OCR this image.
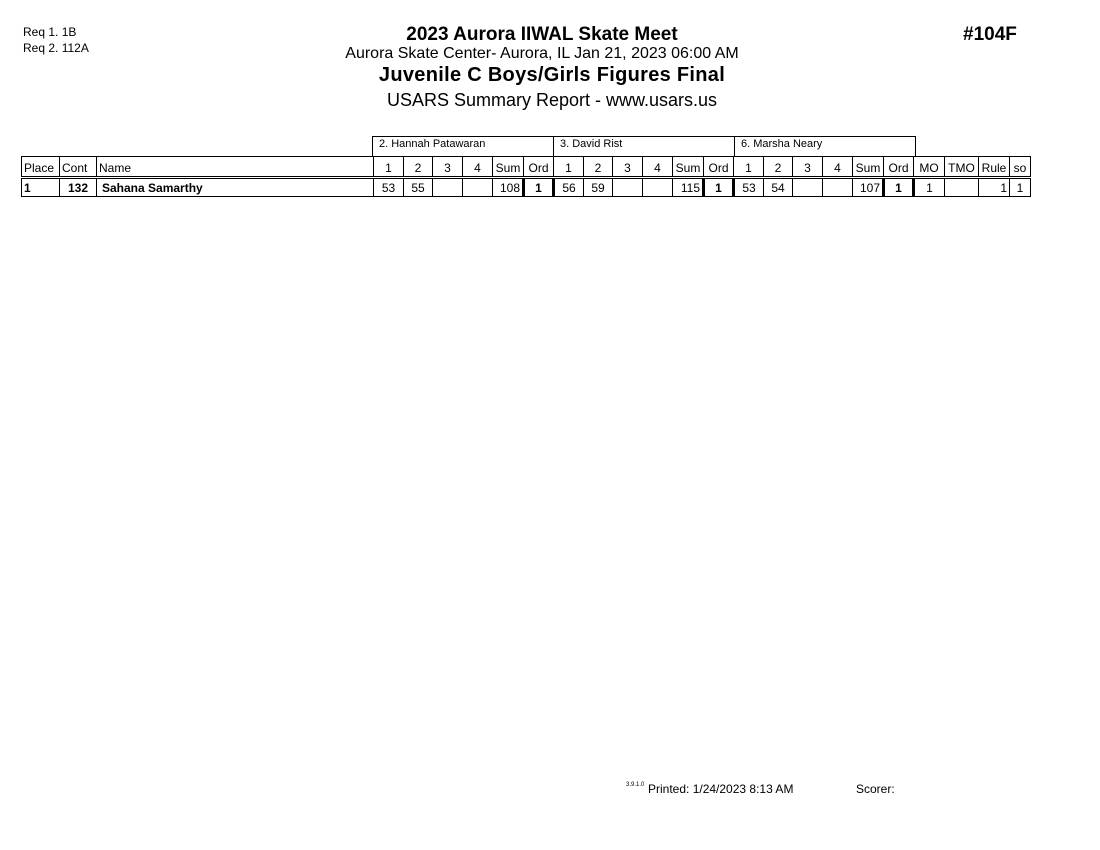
Req 1. 1B
Req 2. 112A
2023 Aurora IIWAL Skate Meet
Aurora Skate Center- Aurora, IL Jan 21, 2023 06:00 AM
Juvenile C Boys/Girls Figures Final
USARS Summary Report - www.usars.us
#104F
2. Hannah Patawaran	3. David Rist	6. Marsha Neary
Place	Cont	Name	1	2	3	4	Sum	Ord	1	2	3	4	Sum	Ord	1	2	3	4	Sum	Ord	MO	TMO	Rule	so
1	132	Sahana Samarthy	53	55			108	1	56	59			115	1	53	54			107	1	1		1	1
3.9.1.0 Printed: 1/24/2023 8:13 AM	Scorer:
